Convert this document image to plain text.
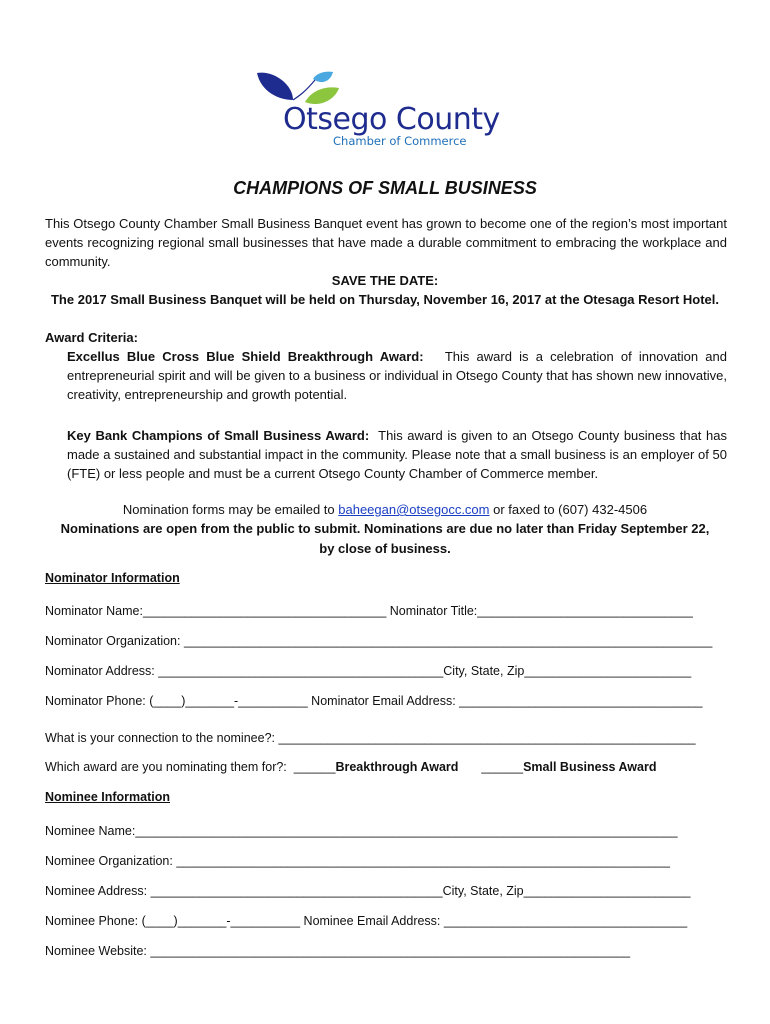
Otsego County
Chamber of Commerce
CHAMPIONS OF SMALL BUSINESS
This Otsego County Chamber Small Business Banquet event has grown to become one of the region’s most important events recognizing regional small businesses that have made a durable commitment to embracing the workplace and community.
SAVE THE DATE:
The 2017 Small Business Banquet will be held on Thursday, November 16, 2017 at the Otesaga Resort Hotel.
Award Criteria:
Excellus Blue Cross Blue Shield Breakthrough Award: This award is a celebration of innovation and entrepreneurial spirit and will be given to a business or individual in Otsego County that has shown new innovative, creativity, entrepreneurship and growth potential.
Key Bank Champions of Small Business Award: This award is given to an Otsego County business that has made a sustained and substantial impact in the community. Please note that a small business is an employer of 50 (FTE) or less people and must be a current Otsego County Chamber of Commerce member.
Nomination forms may be emailed to baheegan@otsegocc.com or faxed to (607) 432-4506
Nominations are open from the public to submit. Nominations are due no later than Friday September 22,
by close of business.
Nominator Information
Nominator Name:___________________________________ Nominator Title:_______________________________
Nominator Organization: ____________________________________________________________________________
Nominator Address: _________________________________________City, State, Zip________________________
Nominator Phone: (____)_______-__________ Nominator Email Address: ___________________________________
What is your connection to the nominee?: ____________________________________________________________
Which award are you nominating them for?: ______Breakthrough Award ______Small Business Award
Nominee Information
Nominee Name:______________________________________________________________________________
Nominee Organization: _______________________________________________________________________
Nominee Address: __________________________________________City, State, Zip________________________
Nominee Phone: (____)_______-__________ Nominee Email Address: ___________________________________
Nominee Website: _____________________________________________________________________
